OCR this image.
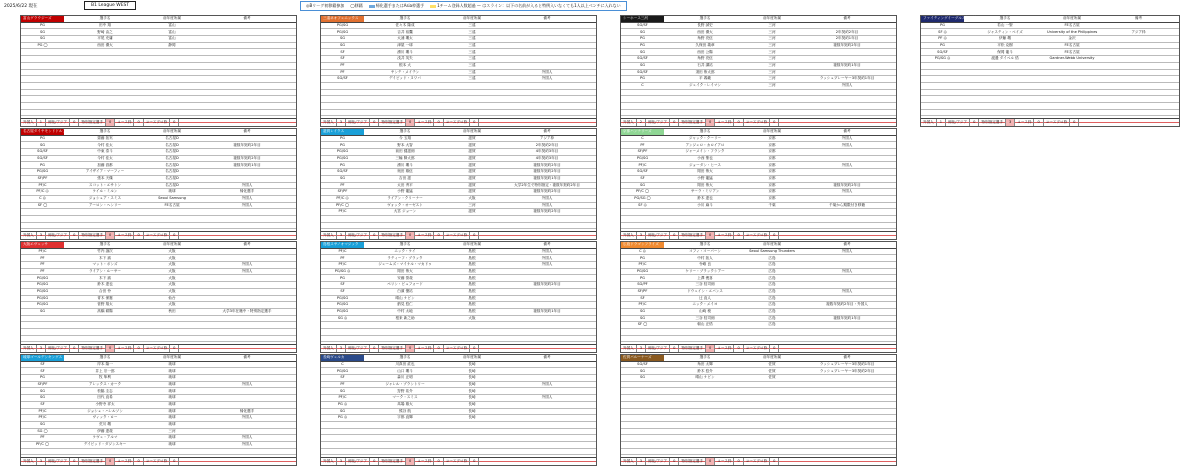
2025/6/22 現在	B1 League WEST	◎Bリーグ初移籍参加 ◯移籍	帰化選手またはAsia枠選手	1チーム登録人数超過 — はスライン：以下の名前が入ると特例入いなくても1人以上ベンチに入れない
富山グラウジーズ	選手名	前年度所属	備考
PG	田中 翔	富山	
SG	野崎 由之	富山	
SG	平尾 充庸	富山	
PG ◯	西田 優大	静岡	

外国人	1	帰化/アジア	0	特別指定選手	0	ユース枠	0	ユースプロ枠	0
三遠ネオフェニックス	選手名	前年度所属	備考
PG/SG	佐々木 隆成	三遠	
PG/SG	吉井 裕鷹	三遠	
SG	大浦 颯太	三遠	
SG	津屋 一球	三遠	
SF	湧川 颯斗	三遠	
SF	浅井 英矢	三遠	
PF	根本 大	三遠	
PF	ヤンテ・メイテン	三遠	外国人
SG/SF	デイビッド・ヌワバ	三遠	外国人

外国人	3	帰化/アジア	0	特別指定選手	0	ユース枠	0	ユースプロ枠	0
シーホース三河	選手名	前年度所属	備考
SG/SF	長野 誠史	三河	
SG	西田 優大	三河	2年契約2年目
PG	角野 亮伍	三河	2年契約1年目
PG	久保田 義章	三河	複数年契約2年目
SG	西田 公陽	三河	
SG/SF	角野 亮伍	三河	
SG	石井 講祐	三河	複数年契約1年目
SG/SF	須田 侑太郎	三河	
PG	平 義範	三河	ラッシュプレーヤー3年契約1年目
C	ジェイク・レイマン	三河	外国人

外国人	2	帰化/アジア	0	特別指定選手	0	ユース枠	0	ユースプロ枠	0
ファイティングイーグルス名古屋	選手名	前年度所属	備考
PG	若山 一聖	FE名古屋	
SF ◎	ジャスティン・ベイズ	University of the Philippines	アジア枠
PF ◎	伊藤 颯	金沢	
PG	平松 克樹	FE名古屋	
SG/SF	保岡 龍斗	FE名古屋	
PG/SG ◎	渡邉 ダイベル 悟	Gardner-Webb University	

外国人	1	帰化/アジア	0	特別指定選手	3	ユース枠	0	ユースプロ枠	0
名古屋ダイヤモンドドルフィンズ	選手名	前年度所属	備考
PG	齋藤 拓実	名古屋D	
SG	今村 佳太	名古屋D	複数年契約2年目
SG/SF	中東 泰斗	名古屋D	
SG/SF	今村 佳太	名古屋D	複数年契約2年目
PG	加藤 嵩都	名古屋D	複数年契約1年目
PG/SG	アイザイア・マーフィー	名古屋D	
SF/PF	張本 天傑	名古屋D	
PF/C	スコット・エサトン	名古屋D	外国人
PF/C ◎	ケイル・ミルン	琉球	帰化選手
C ◎	ジョシュア・スミス	Seoul Samsung	外国人
SF ◯	アーロン・ヘンリー	FE名古屋	外国人

外国人	3	帰化/アジア	0	特別指定選手	0	ユース枠	0	ユースプロ枠	0
滋賀レイクス	選手名	前年度所属	備考
PG	今 玉翔	滋賀	アジア枠
PG	野本 大智	滋賀	2年契約2年目
PG/SG	前田 健滋朗	滋賀	4年契約3年目
PG/SG	三輪 賢太郎	滋賀	4年契約3年目
PG	湧川 颯斗	滋賀	複数年契約2年目
SG/SF	奥田 雄伍	滋賀	複数年契約2年目
SG	吉田 滋	滋賀	複数年契約1年目
PF	太田 秀平	滋賀	大学2年生で特別指定・複数年契約2年目
SF/PF	小野 龍猛	滋賀	複数年契約2年目
PF/C ◎	ライアン・クリーナー	大阪	外国人
PF/C ◯	ヴォック・オーゼスト	三河	外国人
PF/C	大宮 ジョーン	滋賀	複数年契約2年目

外国人	3	帰化/アジア	0	特別指定選手	0	ユース枠	0	ユースプロ枠	0
京都ハンナリーズ	選手名	前年度所属	備考
C	ジャック・クーリー	京都	外国人
PF	アンジェロ・カロイアロ	京都	外国人
SF/PF	ジャーメイン・フランク	京都	
PG/SG	小西 聖也	京都	
PF/C	ジョーダン・ヒース	京都	外国人
SG/SF	岡田 侑大	京都	
SF	小野 龍猛	京都	
SG	岡田 侑大	京都	複数年契約2年目
PF/C ◯	サーラ・ミリアン	京都	外国人
PG/SG ◯	鈴木 達也	京都	
SF ◎	小川 麻斗	千葉	千葉から期限付き移籍

外国人	3	帰化/アジア	0	特別指定選手	0	ユース枠	0	ユースプロ枠	0
大阪エヴェッサ	選手名	前年度所属	備考
PF/C	竹内 譲次	大阪	
PF	木下 誠	大阪	
PF	マット・ボンズ	大阪	外国人
PF	ライアン・ルーサー	大阪	外国人
PG/SG	木下 誠	大阪	
PG/SG	鈴木 達也	大阪	
PG/SG	合田 怜	大阪	
PG/SG	青木 保憲	仙台	
PG/SG	菅野 翔太	大阪	
SG	高橋 耕陽	秋田	大学3年在籍中・特別指定選手

外国人	3	帰化/アジア	0	特別指定選手	0	ユース枠	0	ユースプロ枠	0
島根スサノオマジック	選手名	前年度所属	備考
PF/C	ニック・ケイ	島根	外国人
PF	ラティーフ・ブラック	島根	外国人
PF/C	ジェームズ・マイケル・マカドゥ	島根	外国人
PG/SG ◎	岡田 侑大	島根	
PG	安藤 誓哉	島根	
SF	ペリン・ビュフォード	島根	複数年契約2年目
SF	白濱 僚祐	島根	
PG/SG	晴山 ケビン	島根	
PG/SG	納見 悠仁	島根	
PG/SG	中村 太地	島根	複数年契約1年目
SG ◎	根来 新之助	大阪	

外国人	3	帰化/アジア	0	特別指定選手	0	ユース枠	0	ユースプロ枠	0
広島ドラゴンフライズ	選手名	前年度所属	備考
C ◎	コフィ・コーバーン	Seoul Samsung Thunders	外国人
PG	中村 拓人	広島	
PF/C	寺嶋 良	広島	
PG/SG	ケリー・ブラックシアー	広島	外国人
PG	上澤 俊喜	広島	
SG/PF	三谷 桂司朗	広島	
SF/PF	ドウェイン・エバンス	広島	外国人
SF	辻 直人	広島	
PF/C	ニック・メイヨ	広島	複数年契約2年目・外国人
SG	山崎 稜	広島	
SG	三谷 桂司朗	広島	複数年契約1年目
SF ◯	朝山 正悟	広島	

外国人	3	帰化/アジア	0	特別指定選手	0	ユース枠	0	ユースプロ枠	0
琉球ゴールデンキングス	選手名	前年度所属	備考
SF	岸本 隆一	琉球	
SF	井上 宗一郎	琉球	
PG	牧 隼利	琉球	
SF/PF	アレックス・カーク	琉球	外国人
SG	松脇 圭志	琉球	
SG	田代 直希	琉球	
SF	小野寺 祥太	琉球	
PF/C	ジョシュ・ハレルソン	琉球	帰化選手
PF/C	ヴィック・ロー	琉球	外国人
SG	荒川 颯	琉球	
SG ◯	伊藤 達哉	三河	
PF	ケヴェ・アルマ	琉球	外国人
PF/C ◯	デイビッド・ダジンスキー	琉球	外国人

外国人	3	帰化/アジア	0	特別指定選手	0	ユース枠	0	ユースプロ枠	0
長崎ヴェルカ	選手名	前年度所属	備考
C	川真田 紘也	長崎	
PG/SG	山口 颯斗	長崎	
SF	森川 正明	長崎	
PF	ジャレル・ブラントリー	長崎	外国人
SG	狩野 祐介	長崎	
PF/C	マーク・スミス	長崎	外国人
PG ◎	馬場 雄大	長崎	
SG	熊谷 航	長崎	
PG ◎	宇都 直輝	長崎	

外国人	3	帰化/アジア	0	特別指定選手	0	ユース枠	0	ユースプロ枠	0
佐賀バルーナーズ	選手名	前年度所属	備考
SG/SF	角田 太輝	佐賀	ラッシュプレーヤー3年契約1年目
SG	鈴木 悠介	佐賀	ラッシュプレーヤー3年契約2年目
SG	晴山 ケビン	佐賀	

外国人	3	帰化/アジア	0	特別指定選手	0	ユース枠	0	ユースプロ枠	0
